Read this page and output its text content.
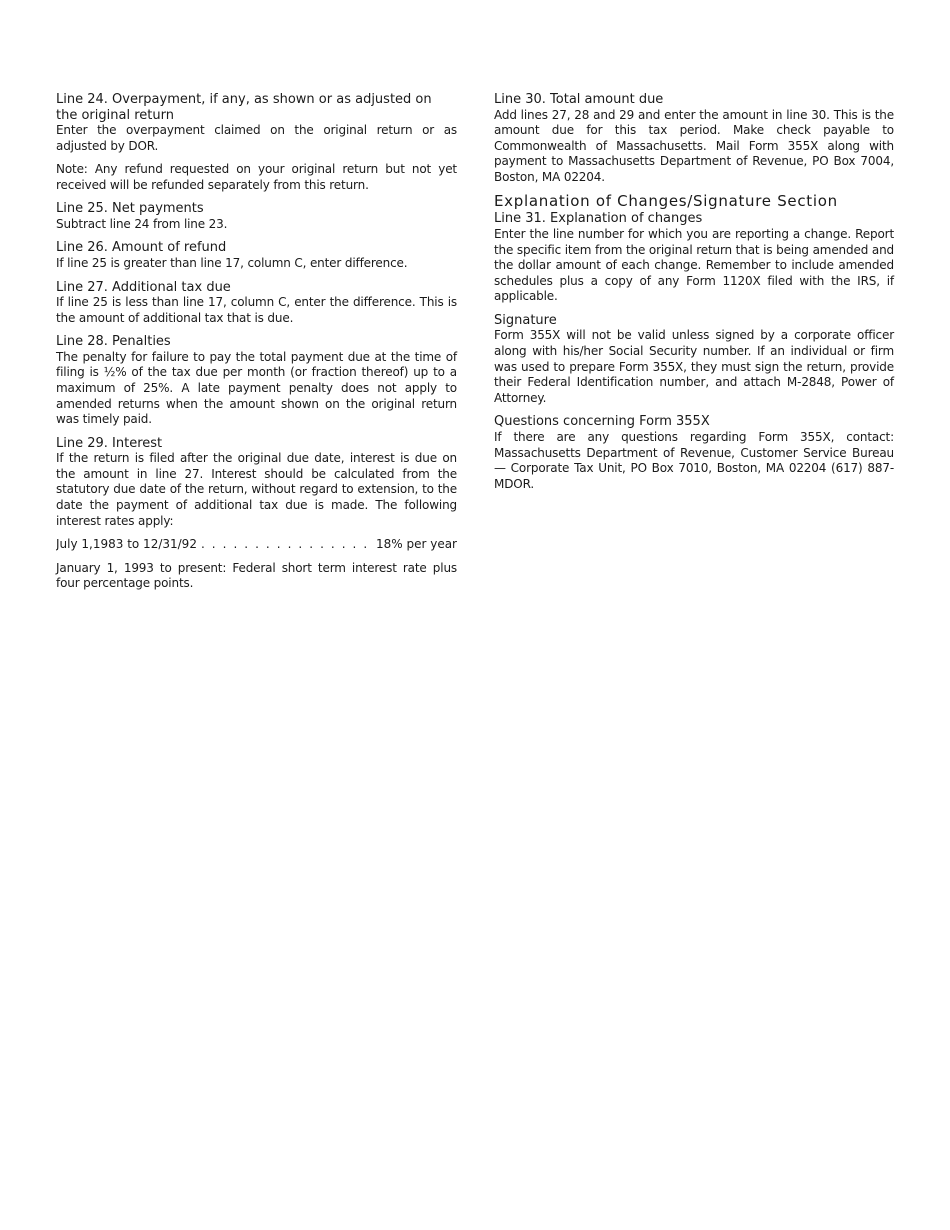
Line 24. Overpayment, if any, as shown or as adjusted on the original return

Enter the overpayment claimed on the original return or as adjusted by DOR.

Note: Any refund requested on your original return but not yet received will be refunded separately from this return.

Line 25. Net payments

Subtract line 24 from line 23.

Line 26. Amount of refund

If line 25 is greater than line 17, column C, enter difference.

Line 27. Additional tax due

If line 25 is less than line 17, column C, enter the difference. This is the amount of additional tax that is due.

Line 28. Penalties

The penalty for failure to pay the total payment due at the time of filing is ½% of the tax due per month (or fraction thereof) up to a maximum of 25%. A late payment penalty does not apply to amended returns when the amount shown on the original return was timely paid.

Line 29. Interest

If the return is filed after the original due date, interest is due on the amount in line 27. Interest should be calculated from the statutory due date of the return, without regard to extension, to the date the payment of additional tax due is made. The following interest rates apply:

July 1,1983 to 12/31/92
. . .	18% per year

January 1, 1993 to present: Federal short term interest rate plus four percentage points.

Line 30. Total amount due

Add lines 27, 28 and 29 and enter the amount in line 30. This is the amount due for this tax period. Make check payable to Commonwealth of Massachusetts. Mail Form 355X along with payment to Massachusetts Department of Revenue, PO Box 7004, Boston, MA 02204.

Explanation of Changes/Signature Section

Line 31. Explanation of changes

Enter the line number for which you are reporting a change. Report the specific item from the original return that is being amended and the dollar amount of each change. Remember to include amended schedules plus a copy of any Form 1120X filed with the IRS, if applicable.

Signature

Form 355X will not be valid unless signed by a corporate officer along with his/her Social Security number. If an individual or firm was used to prepare Form 355X, they must sign the return, provide their Federal Identification number, and attach M-2848, Power of Attorney.

Questions concerning Form 355X

If there are any questions regarding Form 355X, contact: Massachusetts Department of Revenue, Customer Service Bureau — Corporate Tax Unit, PO Box 7010, Boston, MA 02204 (617) 887-MDOR.
